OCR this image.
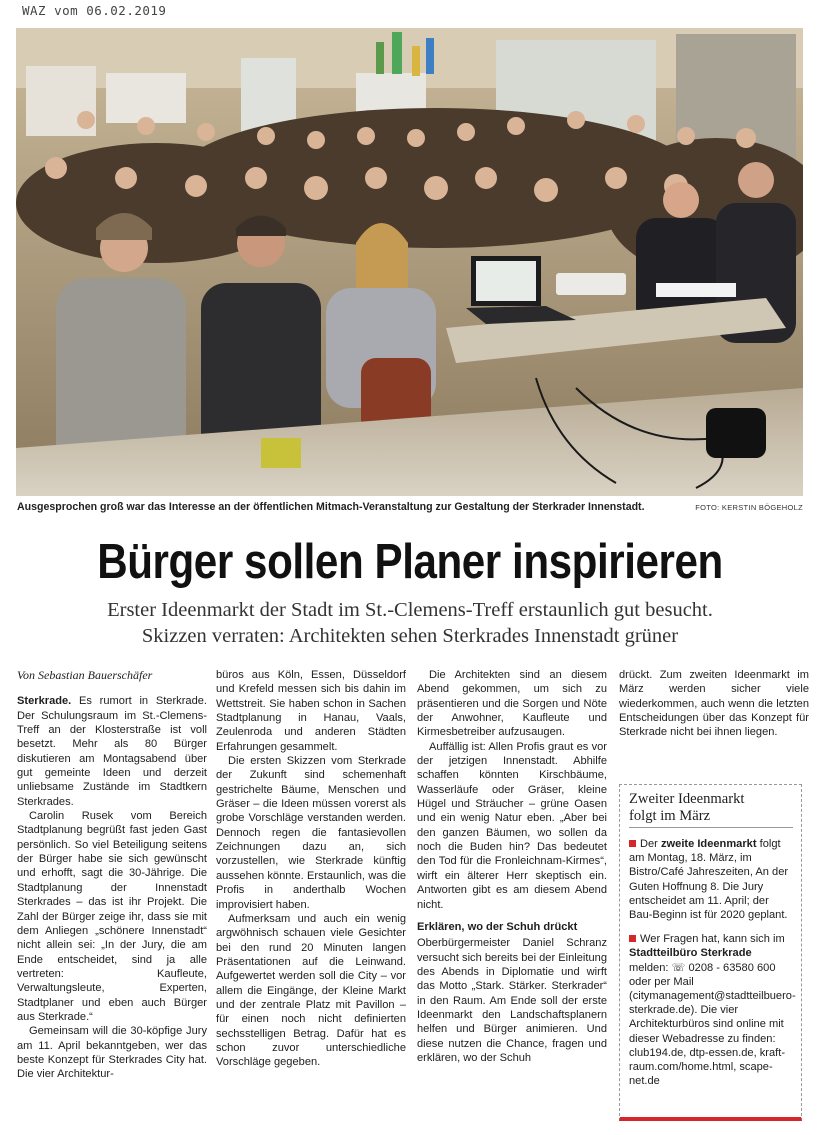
WAZ vom 06.02.2019
Ausgesprochen groß war das Interesse an der öffentlichen Mitmach-Veranstaltung zur Gestaltung der Sterkrader Innenstadt.	FOTO: KERSTIN BÖGEHOLZ
Bürger sollen Planer inspirieren
Erster Ideenmarkt der Stadt im St.-Clemens-Treff erstaunlich gut besucht.
Skizzen verraten: Architekten sehen Sterkrades Innenstadt grüner

Von Sebastian Bauerschäfer

Sterkrade. Es rumort in Sterkrade. Der Schulungsraum im St.-Clemens-Treff an der Klosterstraße ist voll besetzt. Mehr als 80 Bürger diskutieren am Montagsabend über gut gemeinte Ideen und derzeit unliebsame Zustände im Stadtkern Sterkrades.

Carolin Rusek vom Bereich Stadtplanung begrüßt fast jeden Gast persönlich. So viel Beteiligung seitens der Bürger habe sie sich gewünscht und erhofft, sagt die 30-Jährige. Die Stadtplanung der Innenstadt Sterkrades – das ist ihr Projekt. Die Zahl der Bürger zeige ihr, dass sie mit dem Anliegen „schönere Innenstadt“ nicht allein sei: „In der Jury, die am Ende entscheidet, sind ja alle vertreten: Kaufleute, Verwaltungsleute, Experten, Stadtplaner und eben auch Bürger aus Sterkrade.“

Gemeinsam will die 30-köpfige Jury am 11. April bekanntgeben, wer das beste Konzept für Sterkrades City hat. Die vier Architektur-

büros aus Köln, Essen, Düsseldorf und Krefeld messen sich bis dahin im Wettstreit. Sie haben schon in Sachen Stadtplanung in Hanau, Vaals, Zeulenroda und anderen Städten Erfahrungen gesammelt.

Die ersten Skizzen vom Sterkrade der Zukunft sind schemenhaft gestrichelte Bäume, Menschen und Gräser – die Ideen müssen vorerst als grobe Vorschläge verstanden werden. Dennoch regen die fantasievollen Zeichnungen dazu an, sich vorzustellen, wie Sterkrade künftig aussehen könnte. Erstaunlich, was die Profis in anderthalb Wochen improvisiert haben.

Aufmerksam und auch ein wenig argwöhnisch schauen viele Gesichter bei den rund 20 Minuten langen Präsentationen auf die Leinwand. Aufgewertet werden soll die City – vor allem die Eingänge, der Kleine Markt und der zentrale Platz mit Pavillon – für einen noch nicht definierten sechsstelligen Betrag. Dafür hat es schon zuvor unterschiedliche Vorschläge gegeben.

Die Architekten sind an diesem Abend gekommen, um sich zu präsentieren und die Sorgen und Nöte der Anwohner, Kaufleute und Kirmesbetreiber aufzusaugen.

Auffällig ist: Allen Profis graut es vor der jetzigen Innenstadt. Abhilfe schaffen könnten Kirschbäume, Wasserläufe oder Gräser, kleine Hügel und Sträucher – grüne Oasen und ein wenig Natur eben. „Aber bei den ganzen Bäumen, wo sollen da noch die Buden hin? Das bedeutet den Tod für die Fronleichnam-Kirmes“, wirft ein älterer Herr skeptisch ein. Antworten gibt es am diesem Abend nicht.

Erklären, wo der Schuh drückt

Oberbürgermeister Daniel Schranz versucht sich bereits bei der Einleitung des Abends in Diplomatie und wirft das Motto „Stark. Stärker. Sterkrader“ in den Raum. Am Ende soll der erste Ideenmarkt den Landschaftsplanern helfen und Bürger animieren. Und diese nutzen die Chance, fragen und erklären, wo der Schuh

drückt. Zum zweiten Ideenmarkt im März werden sicher viele wiederkommen, auch wenn die letzten Entscheidungen über das Konzept für Sterkrade nicht bei ihnen liegen.

Zweiter Ideenmarkt
folgt im März

Der zweite Ideenmarkt folgt am Montag, 18. März, im Bistro/Café Jahreszeiten, An der Guten Hoffnung 8. Die Jury entscheidet am 11. April; der Bau-Beginn ist für 2020 geplant.

Wer Fragen hat, kann sich im Stadtteilbüro Sterkrade melden: ☏ 0208 - 63580 600 oder per Mail (citymanagement@stadtteilbuero-sterkrade.de). Die vier Architekturbüros sind online mit dieser Webadresse zu finden: club194.de, dtp-essen.de, kraft-raum.com/home.html, scape-net.de
